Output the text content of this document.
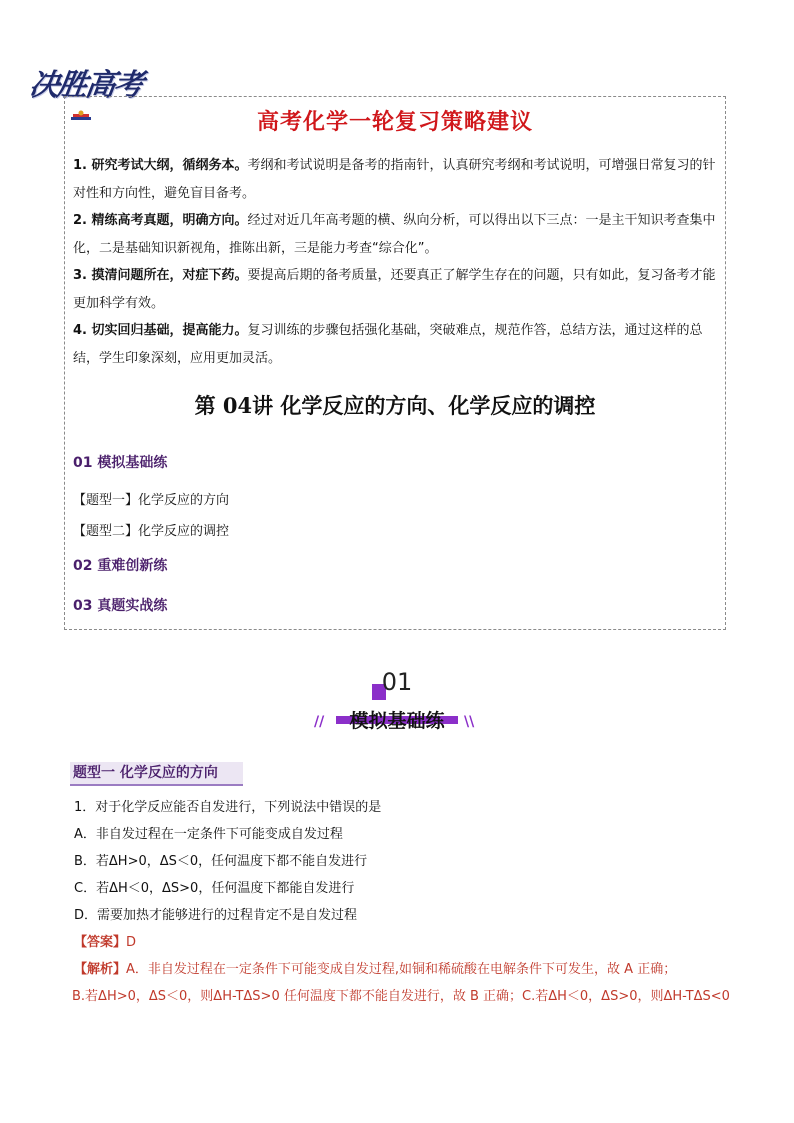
决胜高考
高考化学一轮复习策略建议

1. 研究考试大纲，循纲务本。考纲和考试说明是备考的指南针，认真研究考纲和考试说明，可增强日常复习的针对性和方向性，避免盲目备考。

2. 精练高考真题，明确方向。经过对近几年高考题的横、纵向分析，可以得出以下三点：一是主干知识考查集中化，二是基础知识新视角，推陈出新，三是能力考查“综合化”。

3. 摸清问题所在，对症下药。要提高后期的备考质量，还要真正了解学生存在的问题，只有如此，复习备考才能更加科学有效。

4. 切实回归基础，提高能力。复习训练的步骤包括强化基础，突破难点，规范作答，总结方法，通过这样的总结，学生印象深刻，应用更加灵活。

第 04讲 化学反应的方向、化学反应的调控
01 模拟基础练
【题型一】化学反应的方向
【题型二】化学反应的调控
02 重难创新练
03 真题实战练
01
模拟基础练
//	\\
题型一 化学反应的方向
1．对于化学反应能否自发进行，下列说法中错误的是
A．非自发过程在一定条件下可能变成自发过程
B．若ΔH>0，ΔS＜0，任何温度下都不能自发进行
C．若ΔH＜0，ΔS>0，任何温度下都能自发进行
D．需要加热才能够进行的过程肯定不是自发过程
【答案】D
【解析】A．非自发过程在一定条件下可能变成自发过程,如铜和稀硫酸在电解条件下可发生，故 A 正确；
B.若ΔH>0，ΔS＜0，则ΔH-TΔS>0 任何温度下都不能自发进行，故 B 正确；C.若ΔH＜0，ΔS>0，则ΔH-TΔS<0
